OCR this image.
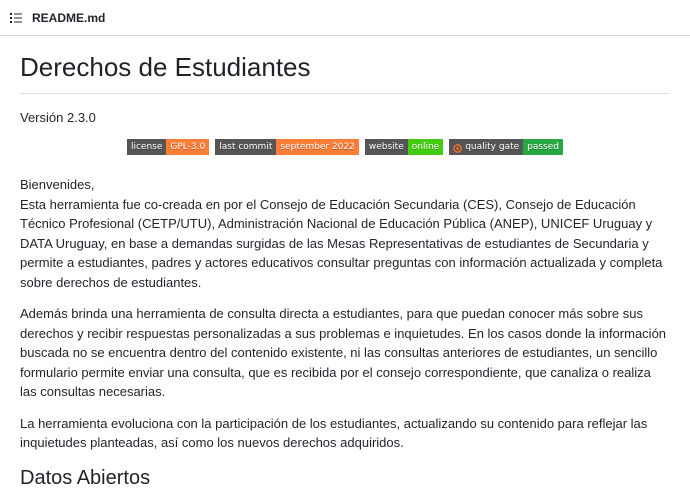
README.md
Derechos de Estudiantes
Versión 2.3.0
license GPL-3.0	last commit september 2022	website online	quality gate passed

Bienvenides,
Esta herramienta fue co-creada en por el Consejo de Educación Secundaria (CES), Consejo de Educación Técnico Profesional (CETP/UTU), Administración Nacional de Educación Pública (ANEP), UNICEF Uruguay y DATA Uruguay, en base a demandas surgidas de las Mesas Representativas de estudiantes de Secundaria y permite a estudiantes, padres y actores educativos consultar preguntas con información actualizada y completa sobre derechos de estudiantes.

Además brinda una herramienta de consulta directa a estudiantes, para que puedan conocer más sobre sus derechos y recibir respuestas personalizadas a sus problemas e inquietudes. En los casos donde la información buscada no se encuentra dentro del contenido existente, ni las consultas anteriores de estudiantes, un sencillo formulario permite enviar una consulta, que es recibida por el consejo correspondiente, que canaliza o realiza las consultas necesarias.

La herramienta evoluciona con la participación de los estudiantes, actualizando su contenido para reflejar las inquietudes planteadas, así como los nuevos derechos adquiridos.

Datos Abiertos
